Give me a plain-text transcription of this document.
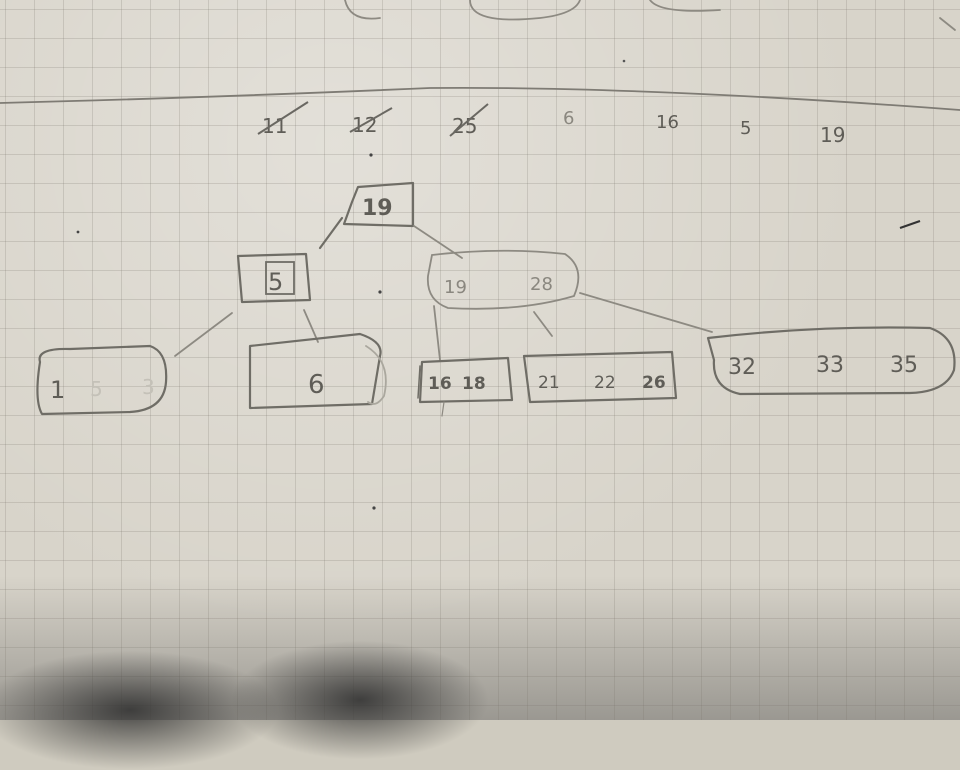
11	12	25	6	16	5	19
19
5	19	28
1 5 3	6	16 18	21 22 26
32	33 35
